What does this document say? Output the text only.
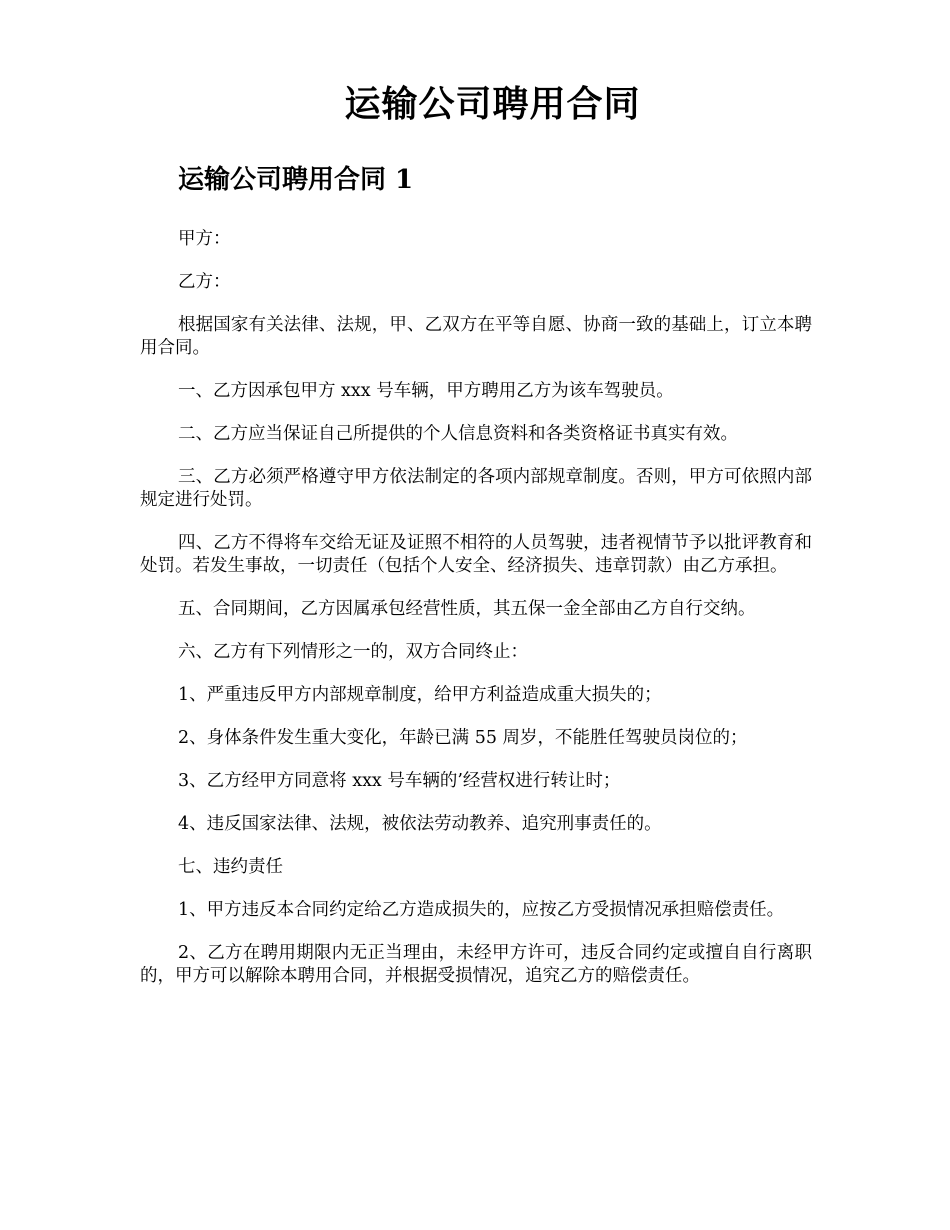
运输公司聘用合同
运输公司聘用合同 1

甲方：

乙方：

根据国家有关法律、法规，甲、乙双方在平等自愿、协商一致的基础上，订立本聘用合同。

一、乙方因承包甲方 xxx 号车辆，甲方聘用乙方为该车驾驶员。

二、乙方应当保证自己所提供的个人信息资料和各类资格证书真实有效。

三、乙方必须严格遵守甲方依法制定的各项内部规章制度。否则，甲方可依照内部规定进行处罚。

四、乙方不得将车交给无证及证照不相符的人员驾驶，违者视情节予以批评教育和处罚。若发生事故，一切责任（包括个人安全、经济损失、违章罚款）由乙方承担。

五、合同期间，乙方因属承包经营性质，其五保一金全部由乙方自行交纳。

六、乙方有下列情形之一的，双方合同终止：

1、严重违反甲方内部规章制度，给甲方利益造成重大损失的；

2、身体条件发生重大变化，年龄已满 55 周岁，不能胜任驾驶员岗位的；

3、乙方经甲方同意将 xxx 号车辆的’经营权进行转让时；

4、违反国家法律、法规，被依法劳动教养、追究刑事责任的。

七、违约责任

1、甲方违反本合同约定给乙方造成损失的，应按乙方受损情况承担赔偿责任。

2、乙方在聘用期限内无正当理由，未经甲方许可，违反合同约定或擅自自行离职的，甲方可以解除本聘用合同，并根据受损情况，追究乙方的赔偿责任。
